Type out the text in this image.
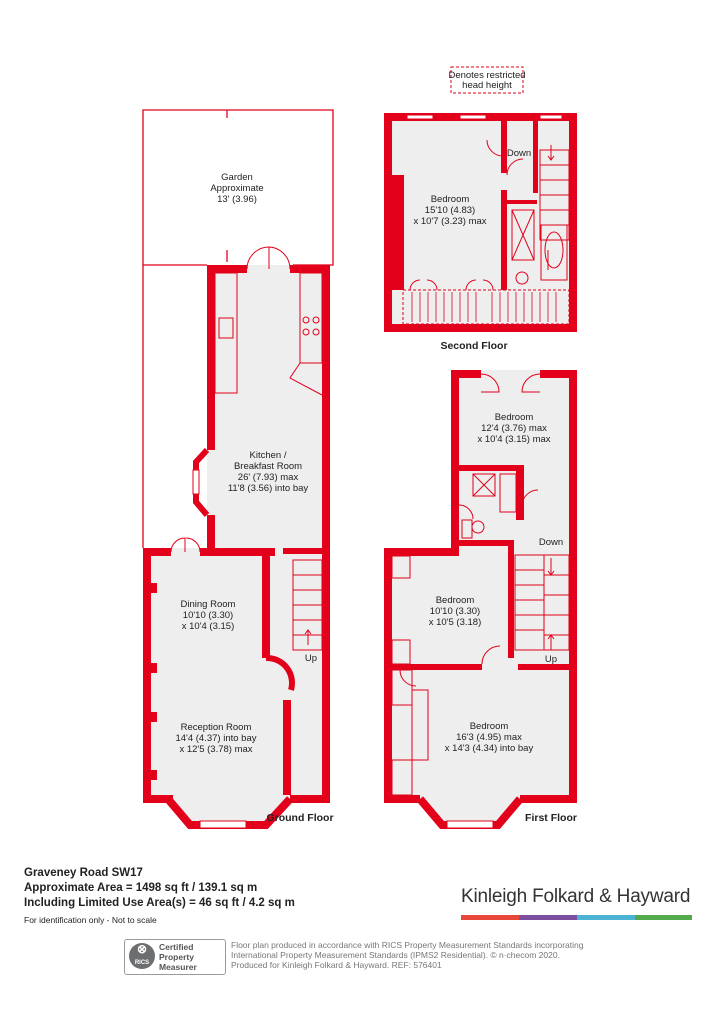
Denotes restricted
head height
Garden
Approximate
13' (3.96)
Kitchen /
Breakfast Room
26' (7.93) max
11'8 (3.56) into bay
Dining Room
10'10 (3.30)
x 10'4 (3.15)
Reception Room
14'4 (4.37) into bay
x 12'5 (3.78) max
Up
Ground Floor
Bedroom
15'10 (4.83)
x 10'7 (3.23) max
Down
Second Floor
Bedroom
12'4 (3.76) max
x 10'4 (3.15) max
Bedroom
10'10 (3.30)
x 10'5 (3.18)
Bedroom
16'3 (4.95) max
x 14'3 (4.34) into bay
Down
Up
First Floor
Graveney Road SW17
Approximate Area = 1498 sq ft / 139.1 sq m
Including Limited Use Area(s) = 46 sq ft / 4.2 sq m
For identification only - Not to scale
Kinleigh Folkard & Hayward
⊗
RICS
Certified
Property
Measurer
Floor plan produced in accordance with RICS Property Measurement Standards incorporating
International Property Measurement Standards (IPMS2 Residential). © n·checom 2020.
Produced for Kinleigh Folkard & Hayward. REF: 576401
